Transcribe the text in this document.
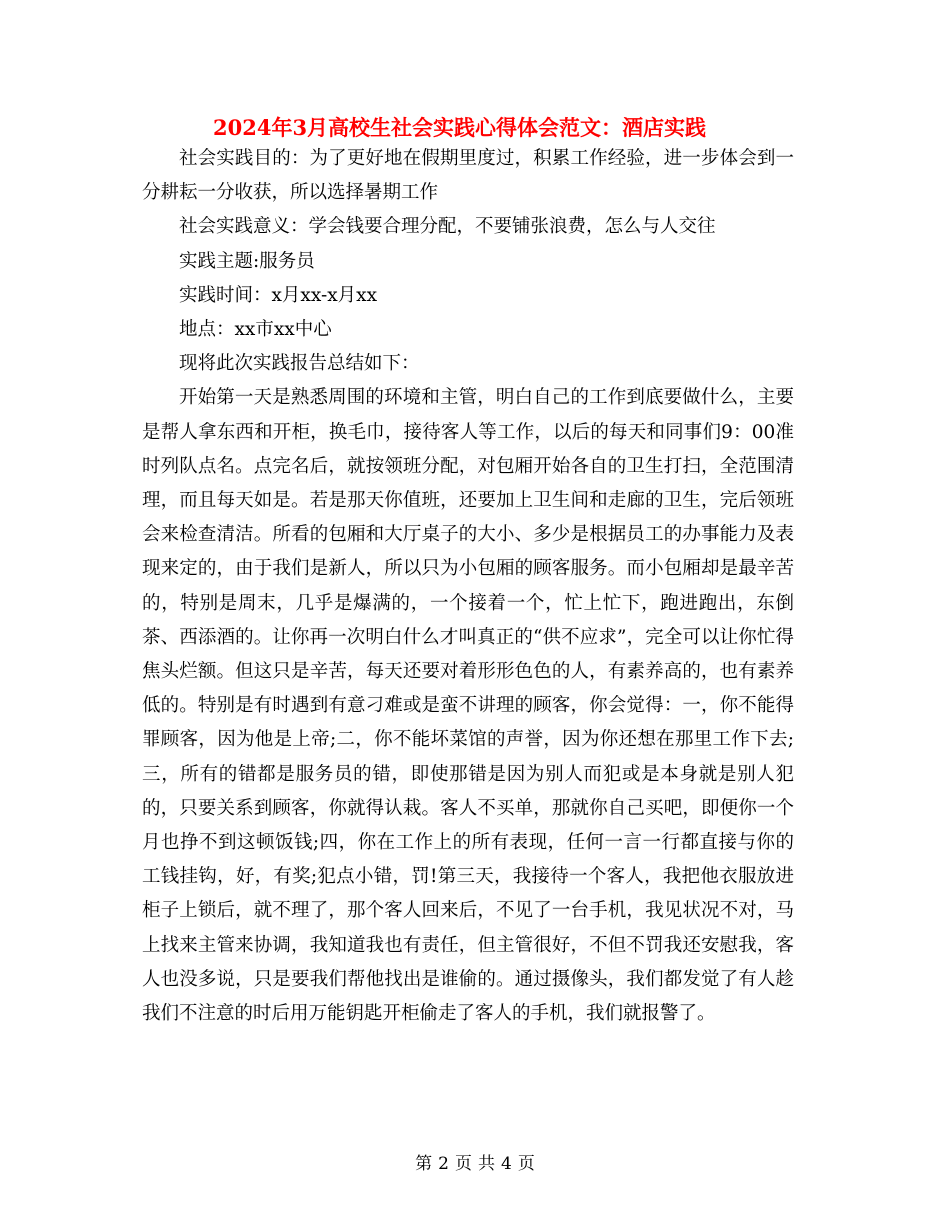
2024年3月高校生社会实践心得体会范文：酒店实践

社会实践目的：为了更好地在假期里度过，积累工作经验，进一步体会到一分耕耘一分收获，所以选择暑期工作

社会实践意义：学会钱要合理分配，不要铺张浪费，怎么与人交往

实践主题:服务员

实践时间：x月xx-x月xx

地点：xx市xx中心

现将此次实践报告总结如下：

开始第一天是熟悉周围的环境和主管，明白自己的工作到底要做什么，主要是帮人拿东西和开柜，换毛巾，接待客人等工作，以后的每天和同事们9：00准时列队点名。点完名后，就按领班分配，对包厢开始各自的卫生打扫，全范围清理，而且每天如是。若是那天你值班，还要加上卫生间和走廊的卫生，完后领班会来检查清洁。所看的包厢和大厅桌子的大小、多少是根据员工的办事能力及表现来定的，由于我们是新人，所以只为小包厢的顾客服务。而小包厢却是最辛苦的，特别是周末，几乎是爆满的，一个接着一个，忙上忙下，跑进跑出，东倒茶、西添酒的。让你再一次明白什么才叫真正的“供不应求”，完全可以让你忙得焦头烂额。但这只是辛苦，每天还要对着形形色色的人，有素养高的，也有素养低的。特别是有时遇到有意刁难或是蛮不讲理的顾客，你会觉得：一，你不能得罪顾客，因为他是上帝;二，你不能坏菜馆的声誉，因为你还想在那里工作下去;三，所有的错都是服务员的错，即使那错是因为别人而犯或是本身就是别人犯的，只要关系到顾客，你就得认栽。客人不买单，那就你自己买吧，即便你一个月也挣不到这顿饭钱;四，你在工作上的所有表现，任何一言一行都直接与你的工钱挂钩，好，有奖;犯点小错，罚!第三天，我接待一个客人，我把他衣服放进柜子上锁后，就不理了，那个客人回来后，不见了一台手机，我见状况不对，马上找来主管来协调，我知道我也有责任，但主管很好，不但不罚我还安慰我，客人也没多说，只是要我们帮他找出是谁偷的。通过摄像头，我们都发觉了有人趁我们不注意的时后用万能钥匙开柜偷走了客人的手机，我们就报警了。

第 2 页 共 4 页
